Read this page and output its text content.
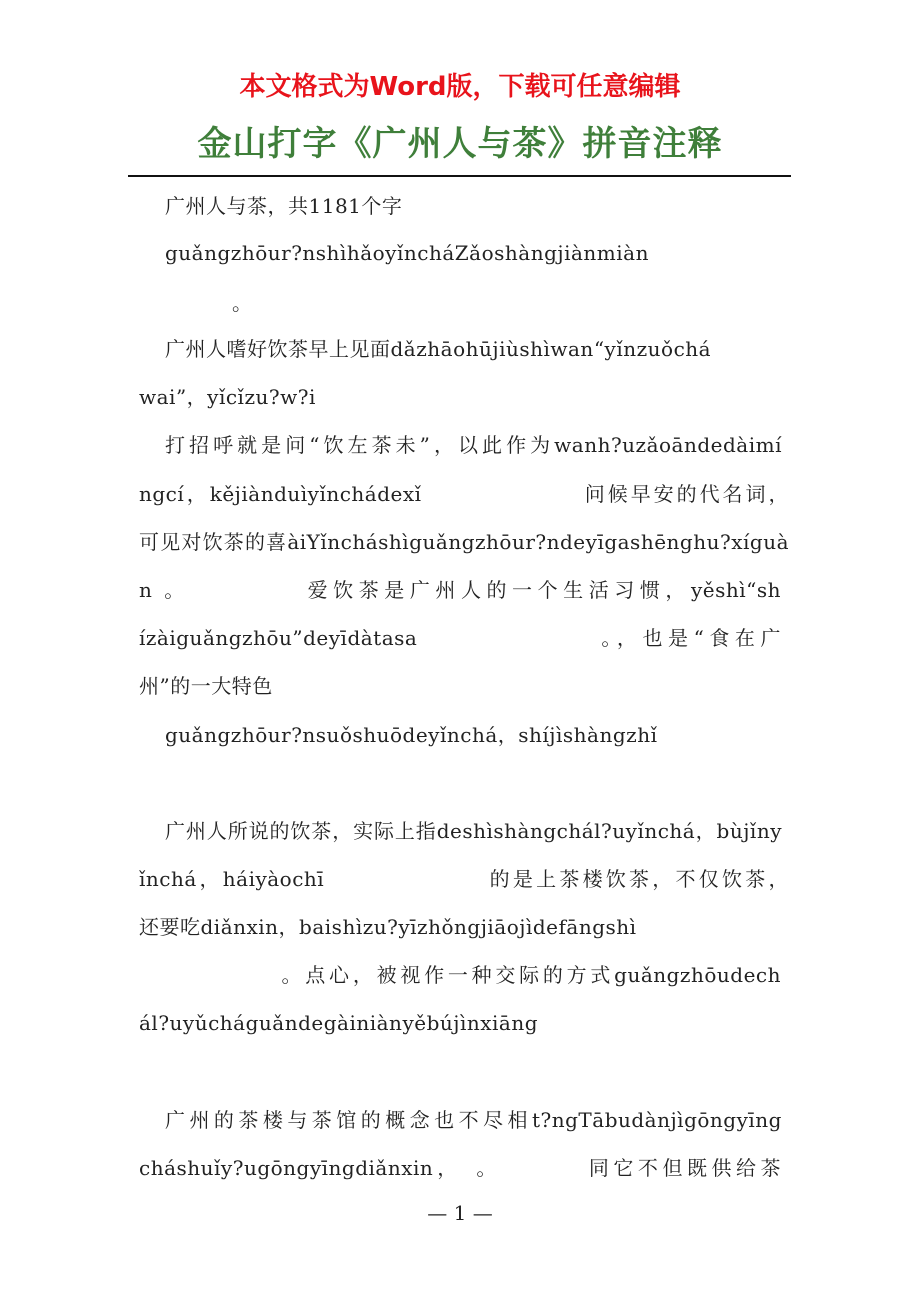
本文格式为Word版，下载可任意编辑
金山打字《广州人与茶》拼音注释
广州人与茶，共1181个字
guǎngzhōur?nshìhǎoyǐncháZǎoshàngjiànmiàn
。
广州人嗜好饮茶早上见面dǎzhāohūjiùshìwan“yǐnzuǒchá
wai”，yǐcǐzu?w?i
打招呼就是问“饮左茶未”，以此作为wanh?uzǎoāndedàimí
ngcí，kějiànduìyǐnchádexǐ　　　　　　　问候早安的代名词，
可见对饮茶的喜àiYǐncháshìguǎngzhōur?ndeyīgashēnghu?xíguà
n 。　　　　　爱饮茶是广州人的一个生活习惯，yěshì“sh
ízàiguǎngzhōu”deyīdàtasa　　　　　　　。，也是“食在广
州”的一大特色
guǎngzhōur?nsuǒshuōdeyǐnchá，shíjìshàngzhǐ
广州人所说的饮茶，实际上指deshìshàngchál?uyǐnchá，bùjǐny
ǐnchá，háiyàochī　　　　　　　的是上茶楼饮茶，不仅饮茶，
还要吃diǎnxin，baishìzu?yīzhǒngjiāojìdefāngshì
　　　　　　。点心，被视作一种交际的方式guǎngzhōudech
ál?uyǔcháguǎndegàiniànyěbújìnxiāng
广州的茶楼与茶馆的概念也不尽相t?ngTābudànjìgōngyīng
cháshuǐy?ugōngyīngdiǎnxin，　。　　　　同它不但既供给茶
— 1 —
